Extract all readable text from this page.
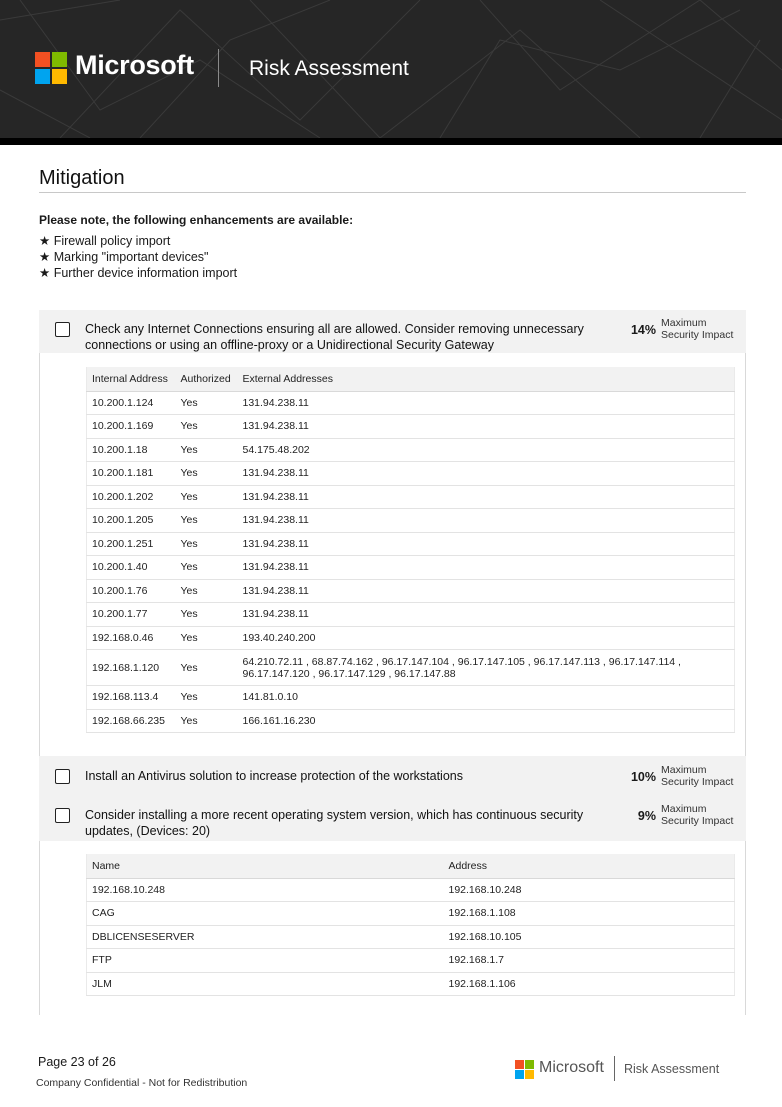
Microsoft	Risk Assessment
Mitigation
Please note, the following enhancements are available:
★ Firewall policy import
★ Marking "important devices"
★ Further device information import
Check any Internet Connections ensuring all are allowed. Consider removing unnecessary connections or using an offline-proxy or a Unidirectional Security Gateway
14% Maximum
Security Impact
Internal Address	Authorized	External Addresses
10.200.1.124	Yes	131.94.238.11
10.200.1.169	Yes	131.94.238.11
10.200.1.18	Yes	54.175.48.202
10.200.1.181	Yes	131.94.238.11
10.200.1.202	Yes	131.94.238.11
10.200.1.205	Yes	131.94.238.11
10.200.1.251	Yes	131.94.238.11
10.200.1.40	Yes	131.94.238.11
10.200.1.76	Yes	131.94.238.11
10.200.1.77	Yes	131.94.238.11
192.168.0.46	Yes	193.40.240.200
192.168.1.120	Yes	64.210.72.11 , 68.87.74.162 , 96.17.147.104 , 96.17.147.105 , 96.17.147.113 , 96.17.147.114 , 96.17.147.120 , 96.17.147.129 , 96.17.147.88
192.168.113.4	Yes	141.81.0.10
192.168.66.235	Yes	166.161.16.230
Install an Antivirus solution to increase protection of the workstations	10% Maximum
Security Impact
Consider installing a more recent operating system version, which has continuous security updates, (Devices: 20)
9% Maximum
Security Impact
Name	Address
192.168.10.248	192.168.10.248
CAG	192.168.1.108
DBLICENSESERVER	192.168.10.105
FTP	192.168.1.7
JLM	192.168.1.106
Page 23 of 26
Company Confidential - Not for Redistribution
Microsoft Risk Assessment
